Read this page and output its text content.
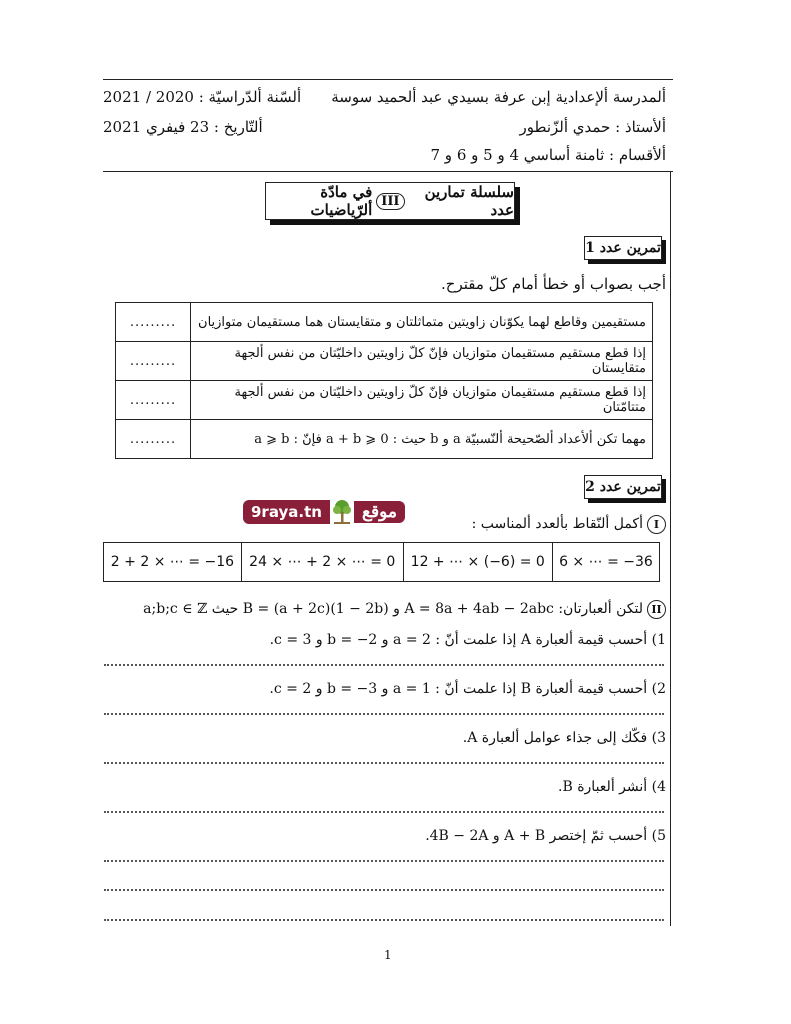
ألمدرسة ألإعدادية إبن عرفة بسيدي عبد ألحميد سوسة
ألأستاذ : حمدي ألزّنطور
ألأقسام : ثامنة أساسي 4 و 5 و 6 و 7
ألسّنة ألدّراسيّة : 2020 / 2021
ألتّاريخ : 23 فيفري 2021
سلسلة تمارين عدد
III
في مادّة ألرّياضيات
تمرين عدد 1
أجب بصواب أو خطأ أمام كلّ مقترح.
.........	مستقيمين وقاطع لهما يكوّنان زاويتين متماثلتان و متقايستان هما مستقيمان متوازيان
.........	إذا قطع مستقيم مستقيمان متوازيان فإنّ كلّ زاويتين داخليّتان من نفس ألجهة متقايستان
.........	إذا قطع مستقيم مستقيمان متوازيان فإنّ كلّ زاويتين داخليّتان من نفس ألجهة متتامّتان
.........	مهما تكن ألأعداد ألصّحيحة ألنّسبيّة a و b حيث : a + b ⩾ 0 فإنّ : a ⩾ b
تمرين عدد 2
9raya.tn	موقع
Iأكمل ألنّقاط بألعدد ألمناسب :
2 + 2 × ⋯ = −16	24 × ⋯ + 2 × ⋯ = 0	12 + ⋯ × (−6) = 0	6 × ⋯ = −36
IIلتكن ألعبارتان: A = 8a + 4ab − 2abc و B = (a + 2c)(1 − 2b) حيث a;b;c ∈ ℤ
1) أحسب قيمة ألعبارة A إذا علمت أنّ : a = 2 و b = −2 و c = 3.
2) أحسب قيمة ألعبارة B إذا علمت أنّ : a = 1 و b = −3 و c = 2.
3) فكّك إلى جذاء عوامل ألعبارة A.
4) أنشر ألعبارة B.
5) أحسب ثمّ إختصر A + B و 4B − 2A.
1
